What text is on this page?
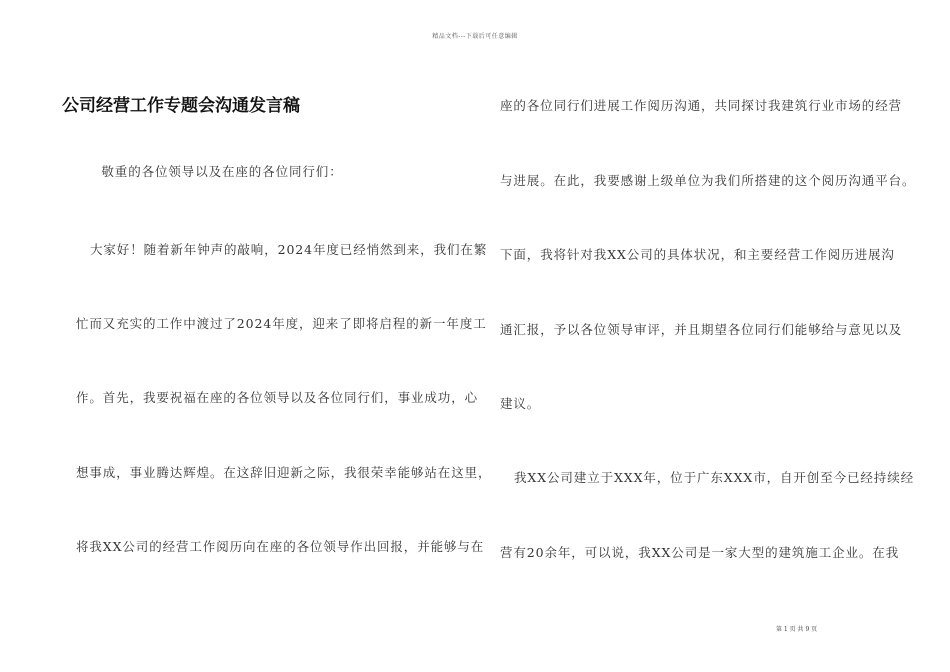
精品文档---下载后可任意编辑
公司经营工作专题会沟通发言稿
　敬重的各位领导以及在座的各位同行们：
大家好！随着新年钟声的敲响，2024年度已经悄然到来，我们在繁
忙而又充实的工作中渡过了2024年度，迎来了即将启程的新一年度工
作。首先，我要祝福在座的各位领导以及各位同行们，事业成功，心
想事成，事业腾达辉煌。在这辞旧迎新之际，我很荣幸能够站在这里，
将我XX公司的经营工作阅历向在座的各位领导作出回报，并能够与在
座的各位同行们进展工作阅历沟通，共同探讨我建筑行业市场的经营
与进展。在此，我要感谢上级单位为我们所搭建的这个阅历沟通平台。
下面，我将针对我XX公司的具体状况，和主要经营工作阅历进展沟
通汇报，予以各位领导审评，并且期望各位同行们能够给与意见以及
建议。
我XX公司建立于XXX年，位于广东XXX市，自开创至今已经持续经
营有20余年，可以说，我XX公司是一家大型的建筑施工企业。在我
第 1 页 共 9 页
